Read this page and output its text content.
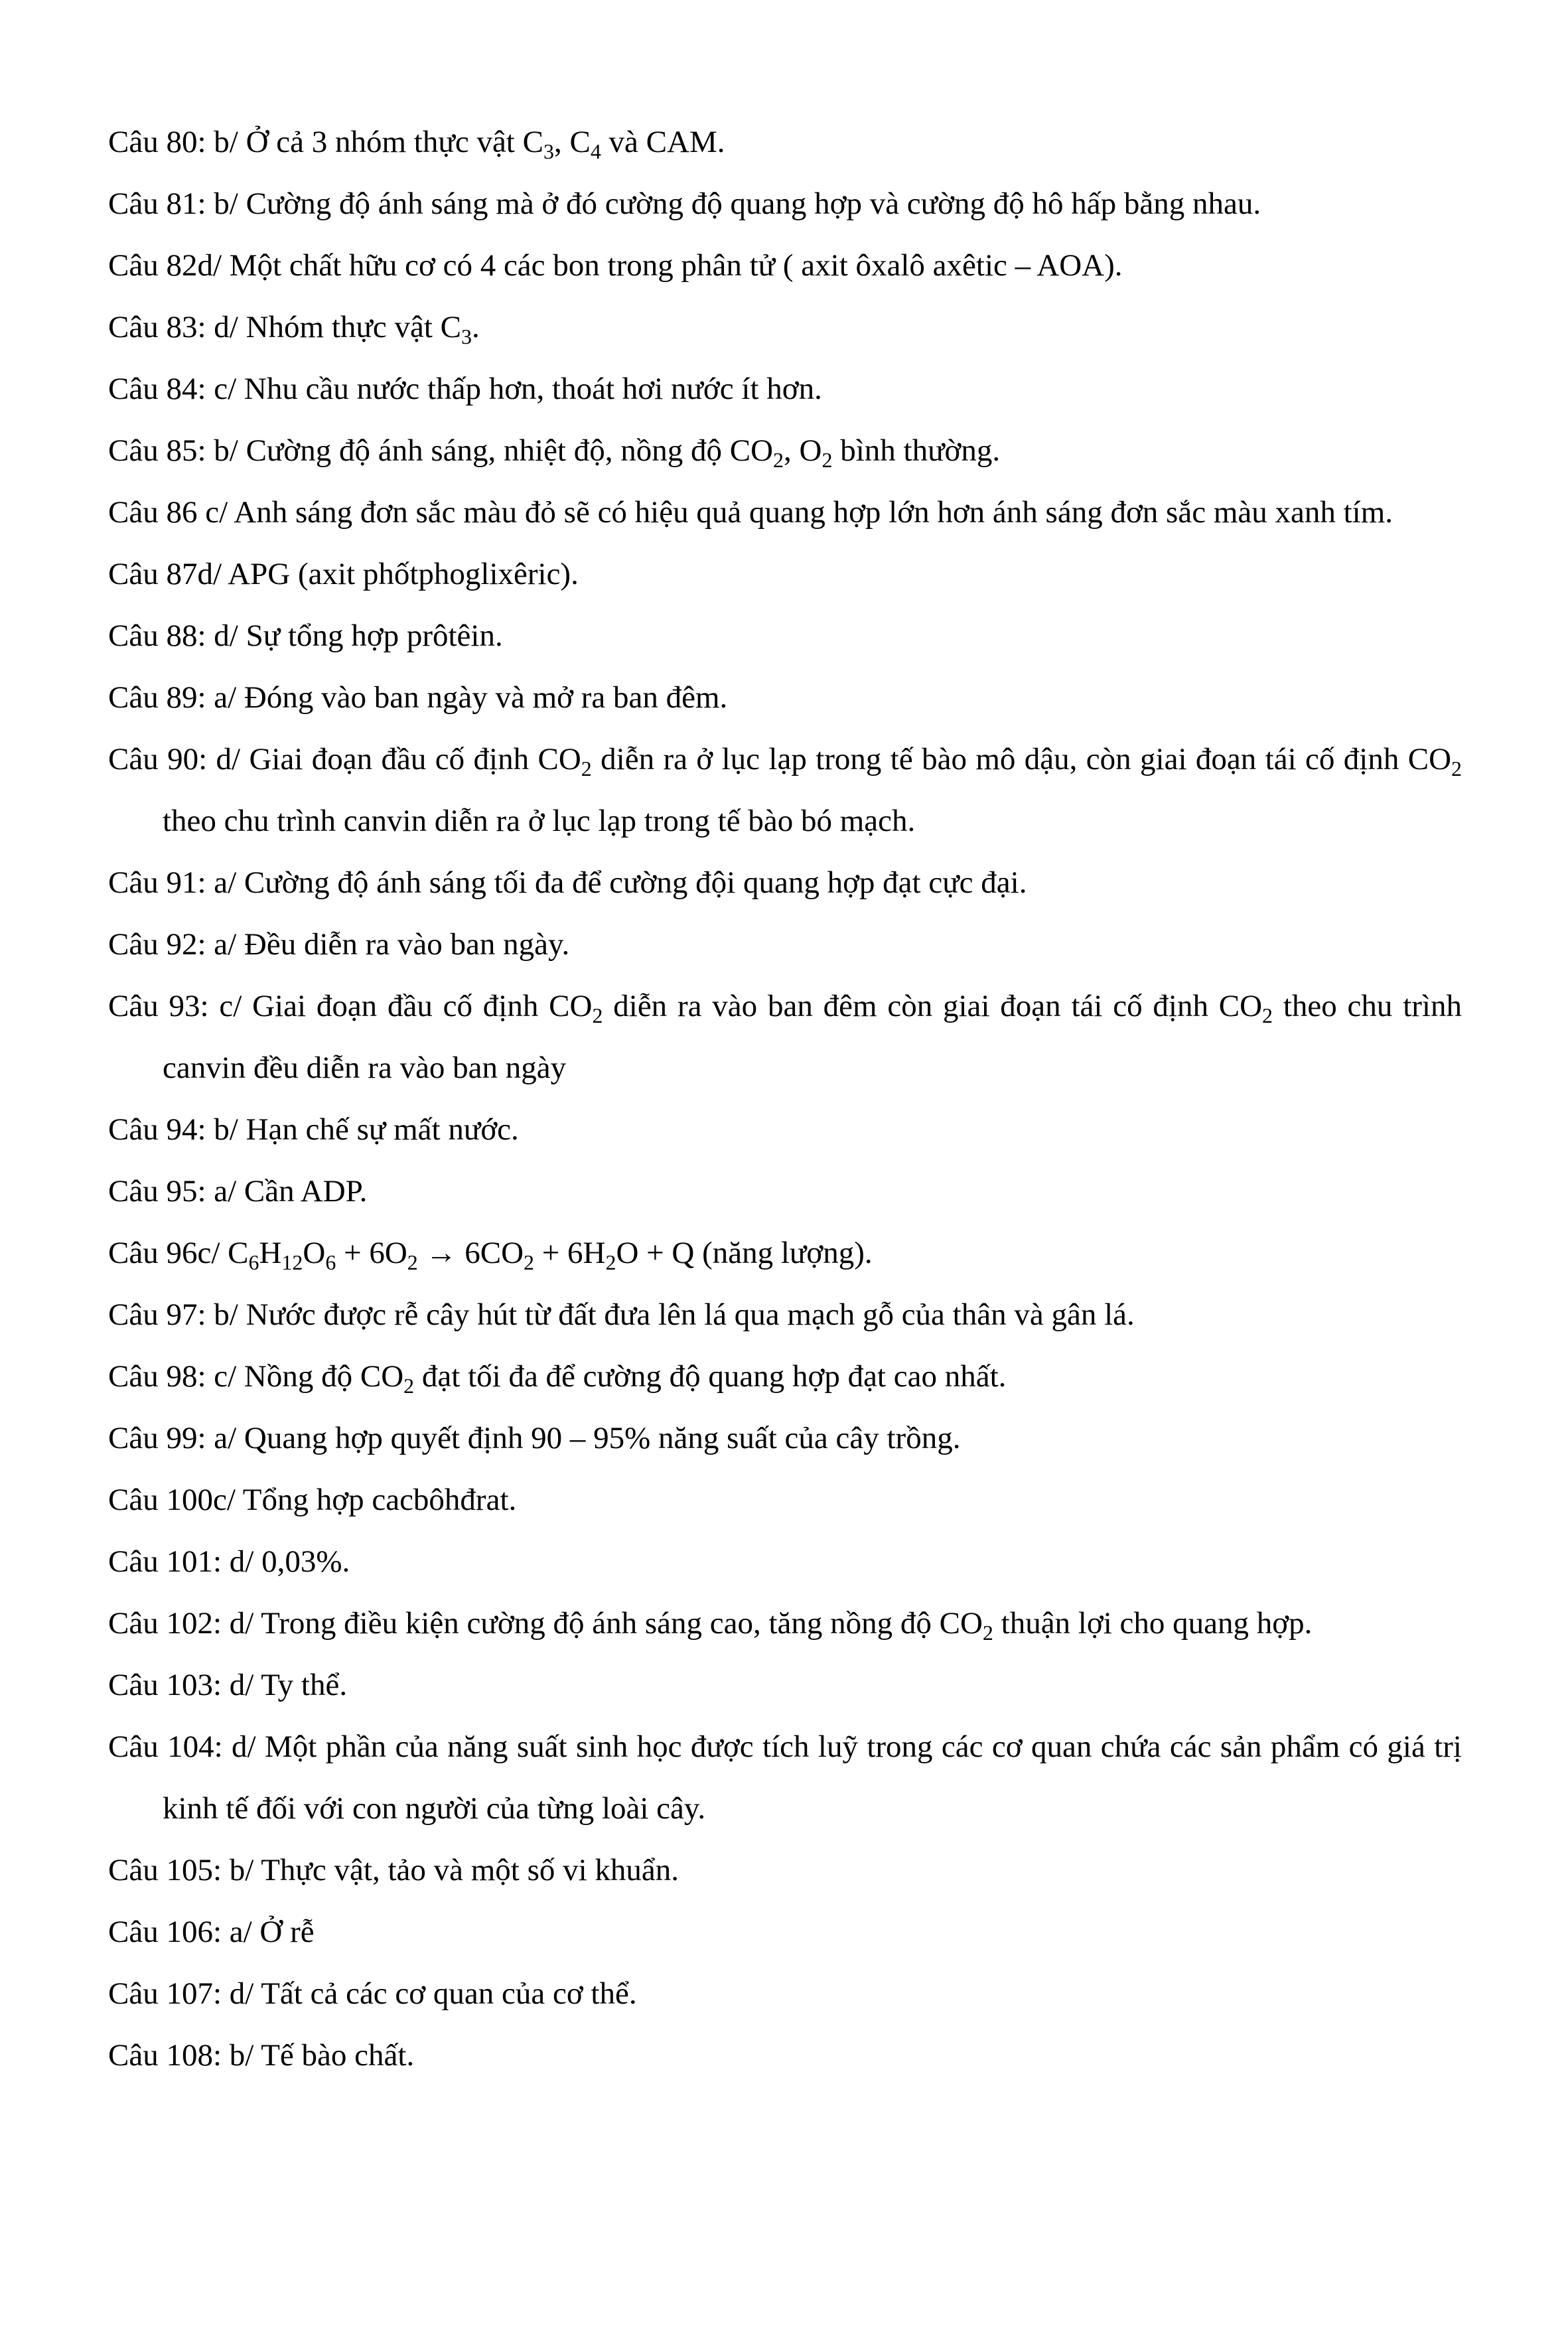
Câu 80: b/ Ở cả 3 nhóm thực vật $C_3$, $C_4$ và CAM.
Câu 81: b/ Cường độ ánh sáng mà ở đó cường độ quang hợp và cường độ hô hấp bằng nhau.
Câu 82d/ Một chất hữu cơ có 4 các bon trong phân tử ( axit ôxalô axêtic – AOA).
Câu 83: d/ Nhóm thực vật $C_3$.
Câu 84: c/ Nhu cầu nước thấp hơn, thoát hơi nước ít hơn.
Câu 85: b/ Cường độ ánh sáng, nhiệt độ, nồng độ $CO_2$, $O_2$ bình thường.
Câu 86 c/ Anh sáng đơn sắc màu đỏ sẽ có hiệu quả quang hợp lớn hơn ánh sáng đơn sắc màu xanh tím.
Câu 87d/ APG (axit phốtphoglixêric).
Câu 88: d/ Sự tổng hợp prôtêin.
Câu 89: a/ Đóng vào ban ngày và mở ra ban đêm.
Câu 90: d/ Giai đoạn đầu cố định $CO_2$ diễn ra ở lục lạp trong tế bào mô dậu, còn giai đoạn tái cố định $CO_2$ theo chu trình canvin diễn ra ở lục lạp trong tế bào bó mạch.
Câu 91: a/ Cường độ ánh sáng tối đa để cường đội quang hợp đạt cực đại.
Câu 92: a/ Đều diễn ra vào ban ngày.
Câu 93: c/ Giai đoạn đầu cố định $CO_2$ diễn ra vào ban đêm còn giai đoạn tái cố định $CO_2$ theo chu trình canvin đều diễn ra vào ban ngày
Câu 94: b/ Hạn chế sự mất nước.
Câu 95: a/ Cần ADP.
Câu 96c/ $C_6H_{12}O_6 + 6O_2 \to 6CO_2 + 6H_2O + Q$ (năng lượng).
Câu 97: b/ Nước được rễ cây hút từ đất đưa lên lá qua mạch gỗ của thân và gân lá.
Câu 98: c/ Nồng độ $CO_2$ đạt tối đa để cường độ quang hợp đạt cao nhất.
Câu 99: a/ Quang hợp quyết định 90 – 95% năng suất của cây trồng.
Câu 100c/ Tổng hợp cacbôhđrat.
Câu 101: d/ 0,03%.
Câu 102: d/ Trong điều kiện cường độ ánh sáng cao, tăng nồng độ $CO_2$ thuận lợi cho quang hợp.
Câu 103: d/ Ty thể.
Câu 104: d/ Một phần của năng suất sinh học được tích luỹ trong các cơ quan chứa các sản phẩm có giá trị kinh tế đối với con người của từng loài cây.
Câu 105: b/ Thực vật, tảo và một số vi khuẩn.
Câu 106: a/ Ở rễ
Câu 107: d/ Tất cả các cơ quan của cơ thể.
Câu 108: b/ Tế bào chất.
